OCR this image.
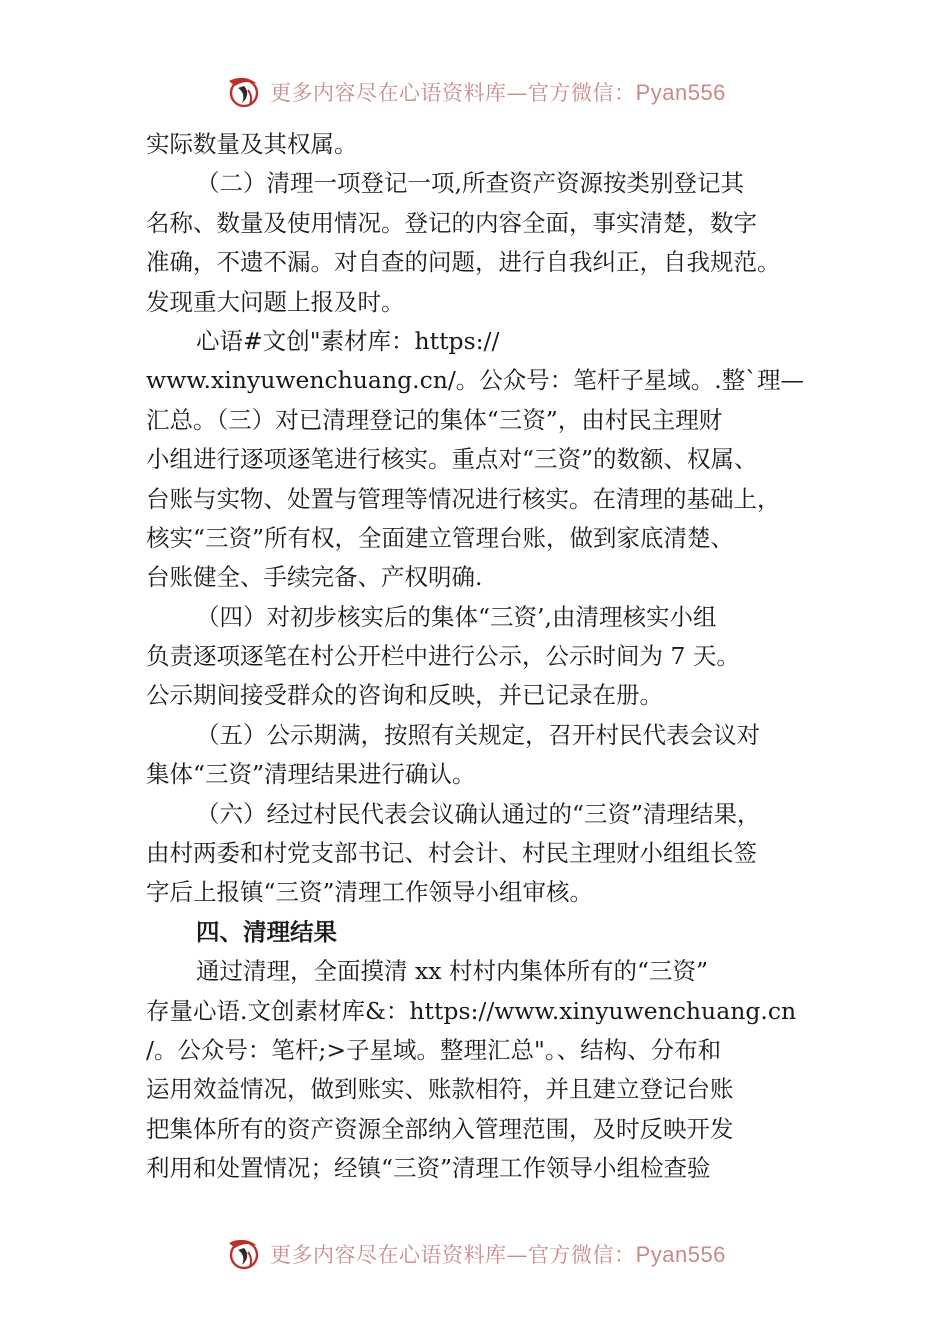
更多内容尽在心语资料库—官方微信：Pyan556
实际数量及其权属。
（二）清理一项登记一项,所查资产资源按类别登记其
名称、数量及使用情况。登记的内容全面，事实清楚，数字
准确，不遗不漏。对自查的问题，进行自我纠正，自我规范。
发现重大问题上报及时。
心语#文创"素材库：https://
www.xinyuwenchuang.cn/。公众号：笔杆子星域。.整`理—
汇总。（三）对已清理登记的集体“三资”，由村民主理财
小组进行逐项逐笔进行核实。重点对“三资”的数额、权属、
台账与实物、处置与管理等情况进行核实。在清理的基础上，
核实“三资”所有权，全面建立管理台账，做到家底清楚、
台账健全、手续完备、产权明确.
（四）对初步核实后的集体“三资’,由清理核实小组
负责逐项逐笔在村公开栏中进行公示，公示时间为 7 天。
公示期间接受群众的咨询和反映，并已记录在册。
（五）公示期满，按照有关规定，召开村民代表会议对
集体“三资”清理结果进行确认。
（六）经过村民代表会议确认通过的“三资”清理结果，
由村两委和村党支部书记、村会计、村民主理财小组组长签
字后上报镇“三资”清理工作领导小组审核。
四、清理结果
通过清理，全面摸清 xx 村村内集体所有的“三资”
存量心语.文创素材库&：https://www.xinyuwenchuang.cn
/。公众号：笔杆;>子星域。整理汇总"。、结构、分布和
运用效益情况，做到账实、账款相符，并且建立登记台账
把集体所有的资产资源全部纳入管理范围，及时反映开发
利用和处置情况；经镇“三资”清理工作领导小组检查验
更多内容尽在心语资料库—官方微信：Pyan556
